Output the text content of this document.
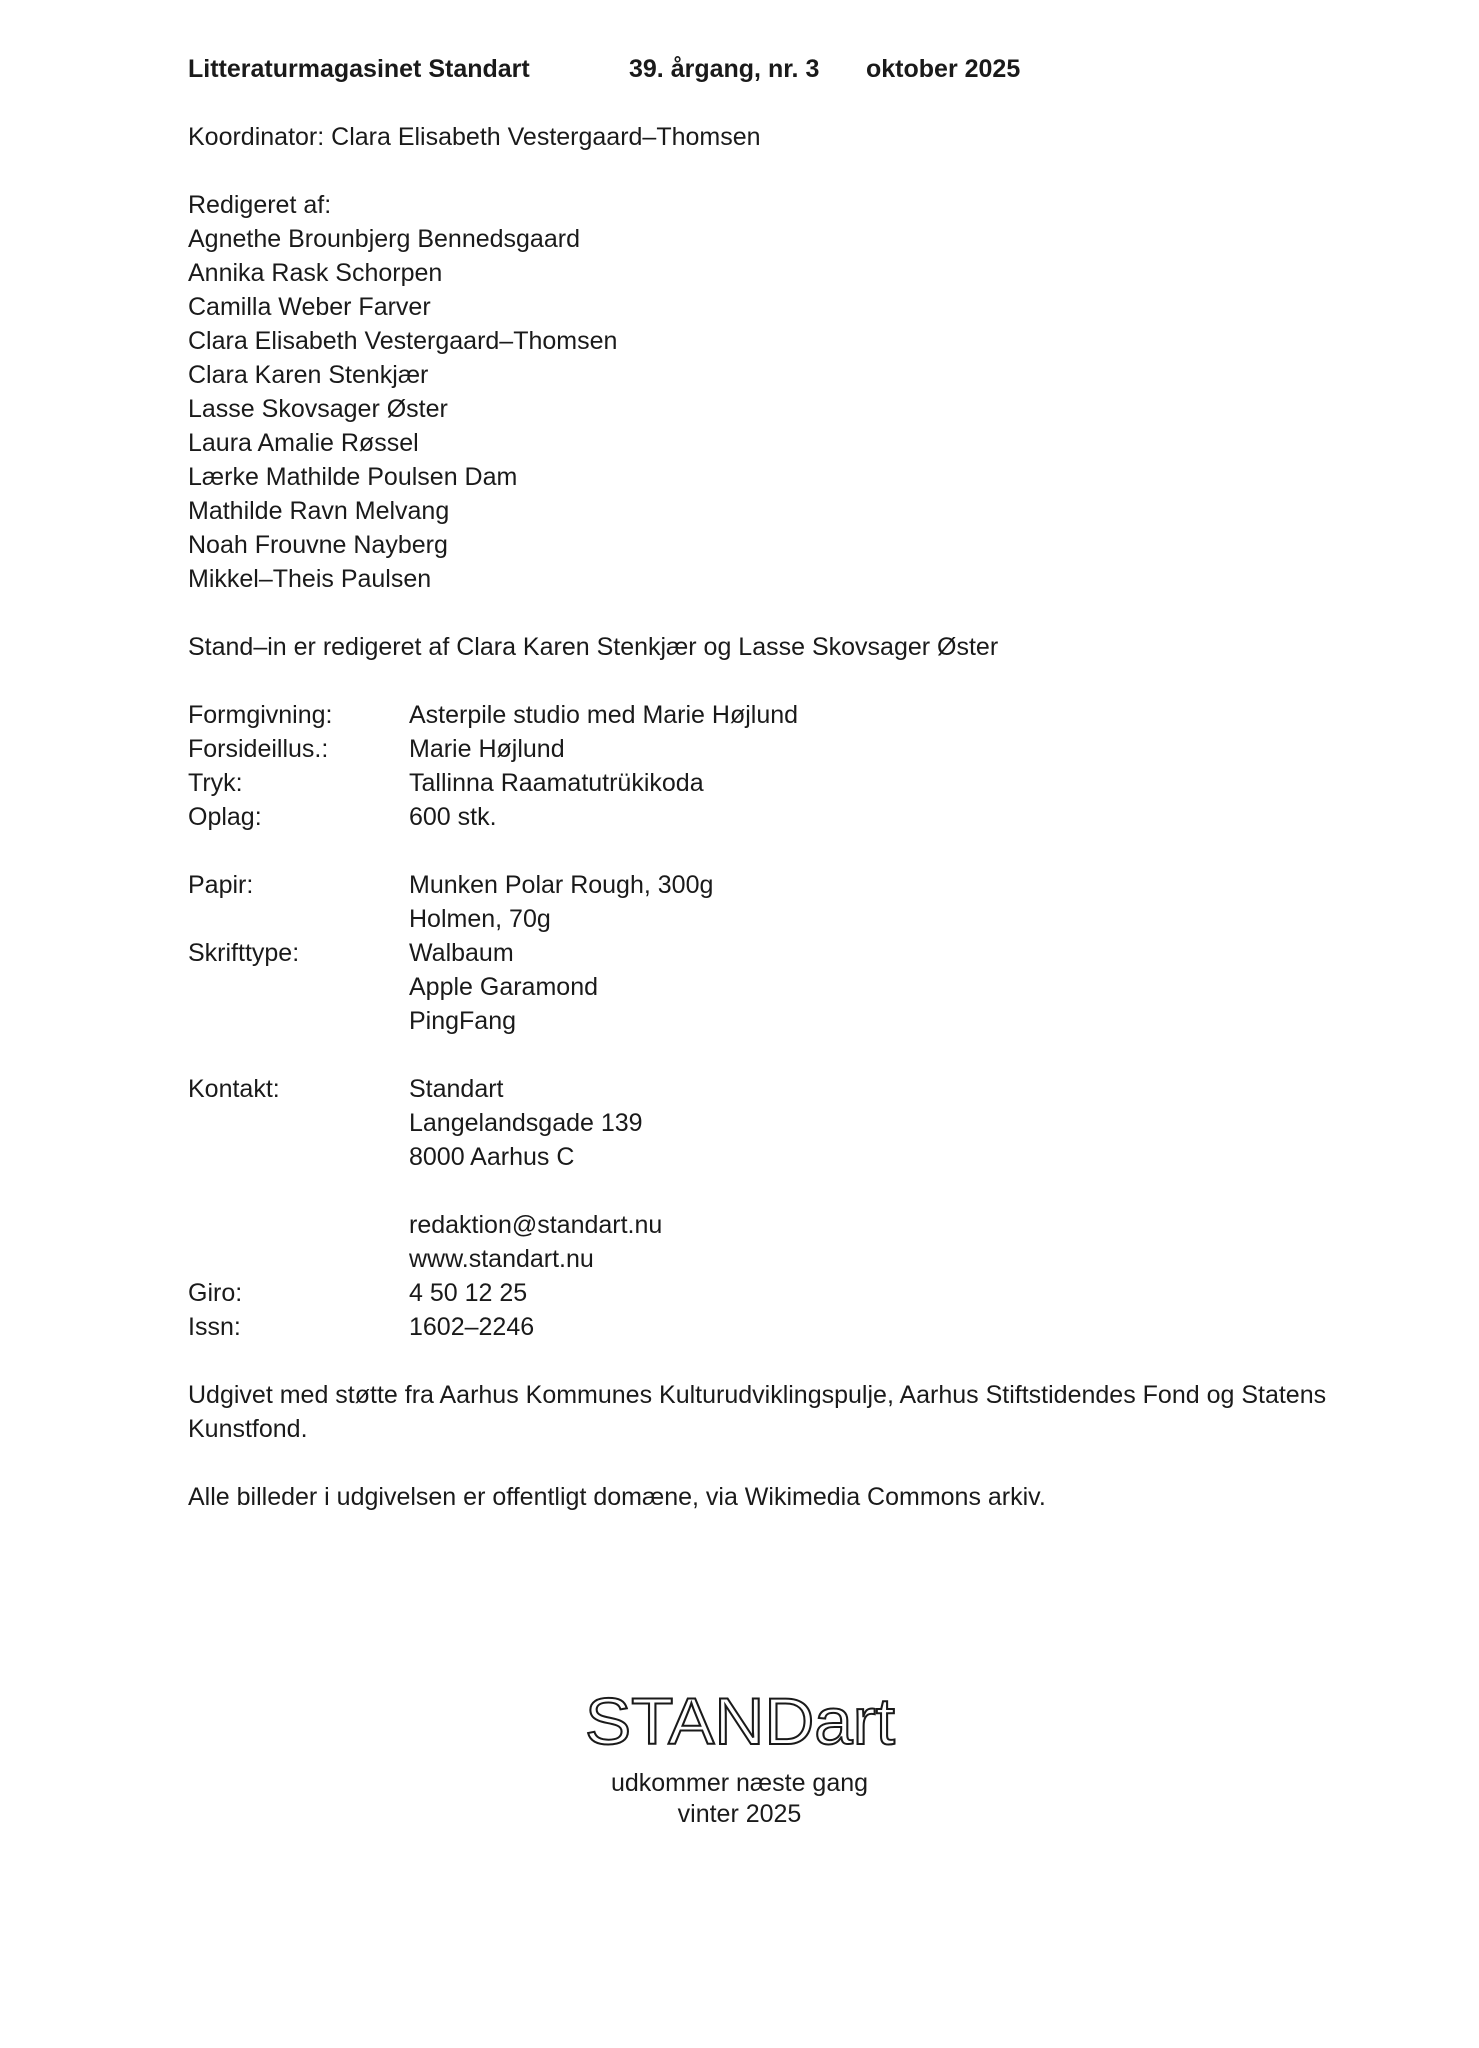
Litteraturmagasinet Standart	39. årgang, nr. 3	oktober 2025
Koordinator: Clara Elisabeth Vestergaard–Thomsen
Redigeret af:
Agnethe Brounbjerg Bennedsgaard
Annika Rask Schorpen
Camilla Weber Farver
Clara Elisabeth Vestergaard–Thomsen
Clara Karen Stenkjær
Lasse Skovsager Øster
Laura Amalie Røssel
Lærke Mathilde Poulsen Dam
Mathilde Ravn Melvang
Noah Frouvne Nayberg
Mikkel–Theis Paulsen
Stand–in er redigeret af Clara Karen Stenkjær og Lasse Skovsager Øster
Formgivning:	Asterpile studio med Marie Højlund
Forsideillus.:	Marie Højlund
Tryk:	Tallinna Raamatutrükikoda
Oplag:	600 stk.
Papir:	Munken Polar Rough, 300g
Holmen, 70g
Skrifttype:	Walbaum
Apple Garamond
PingFang
Kontakt:	Standart
Langelandsgade 139
8000 Aarhus C
redaktion@standart.nu
www.standart.nu
Giro:	4 50 12 25
Issn:	1602–2246
Udgivet med støtte fra Aarhus Kommunes Kulturudviklingspulje, Aarhus Stiftstidendes Fond og Statens Kunstfond.
Alle billeder i udgivelsen er offentligt domæne, via Wikimedia Commons arkiv.
STANDart
udkommer næste gang
vinter 2025
